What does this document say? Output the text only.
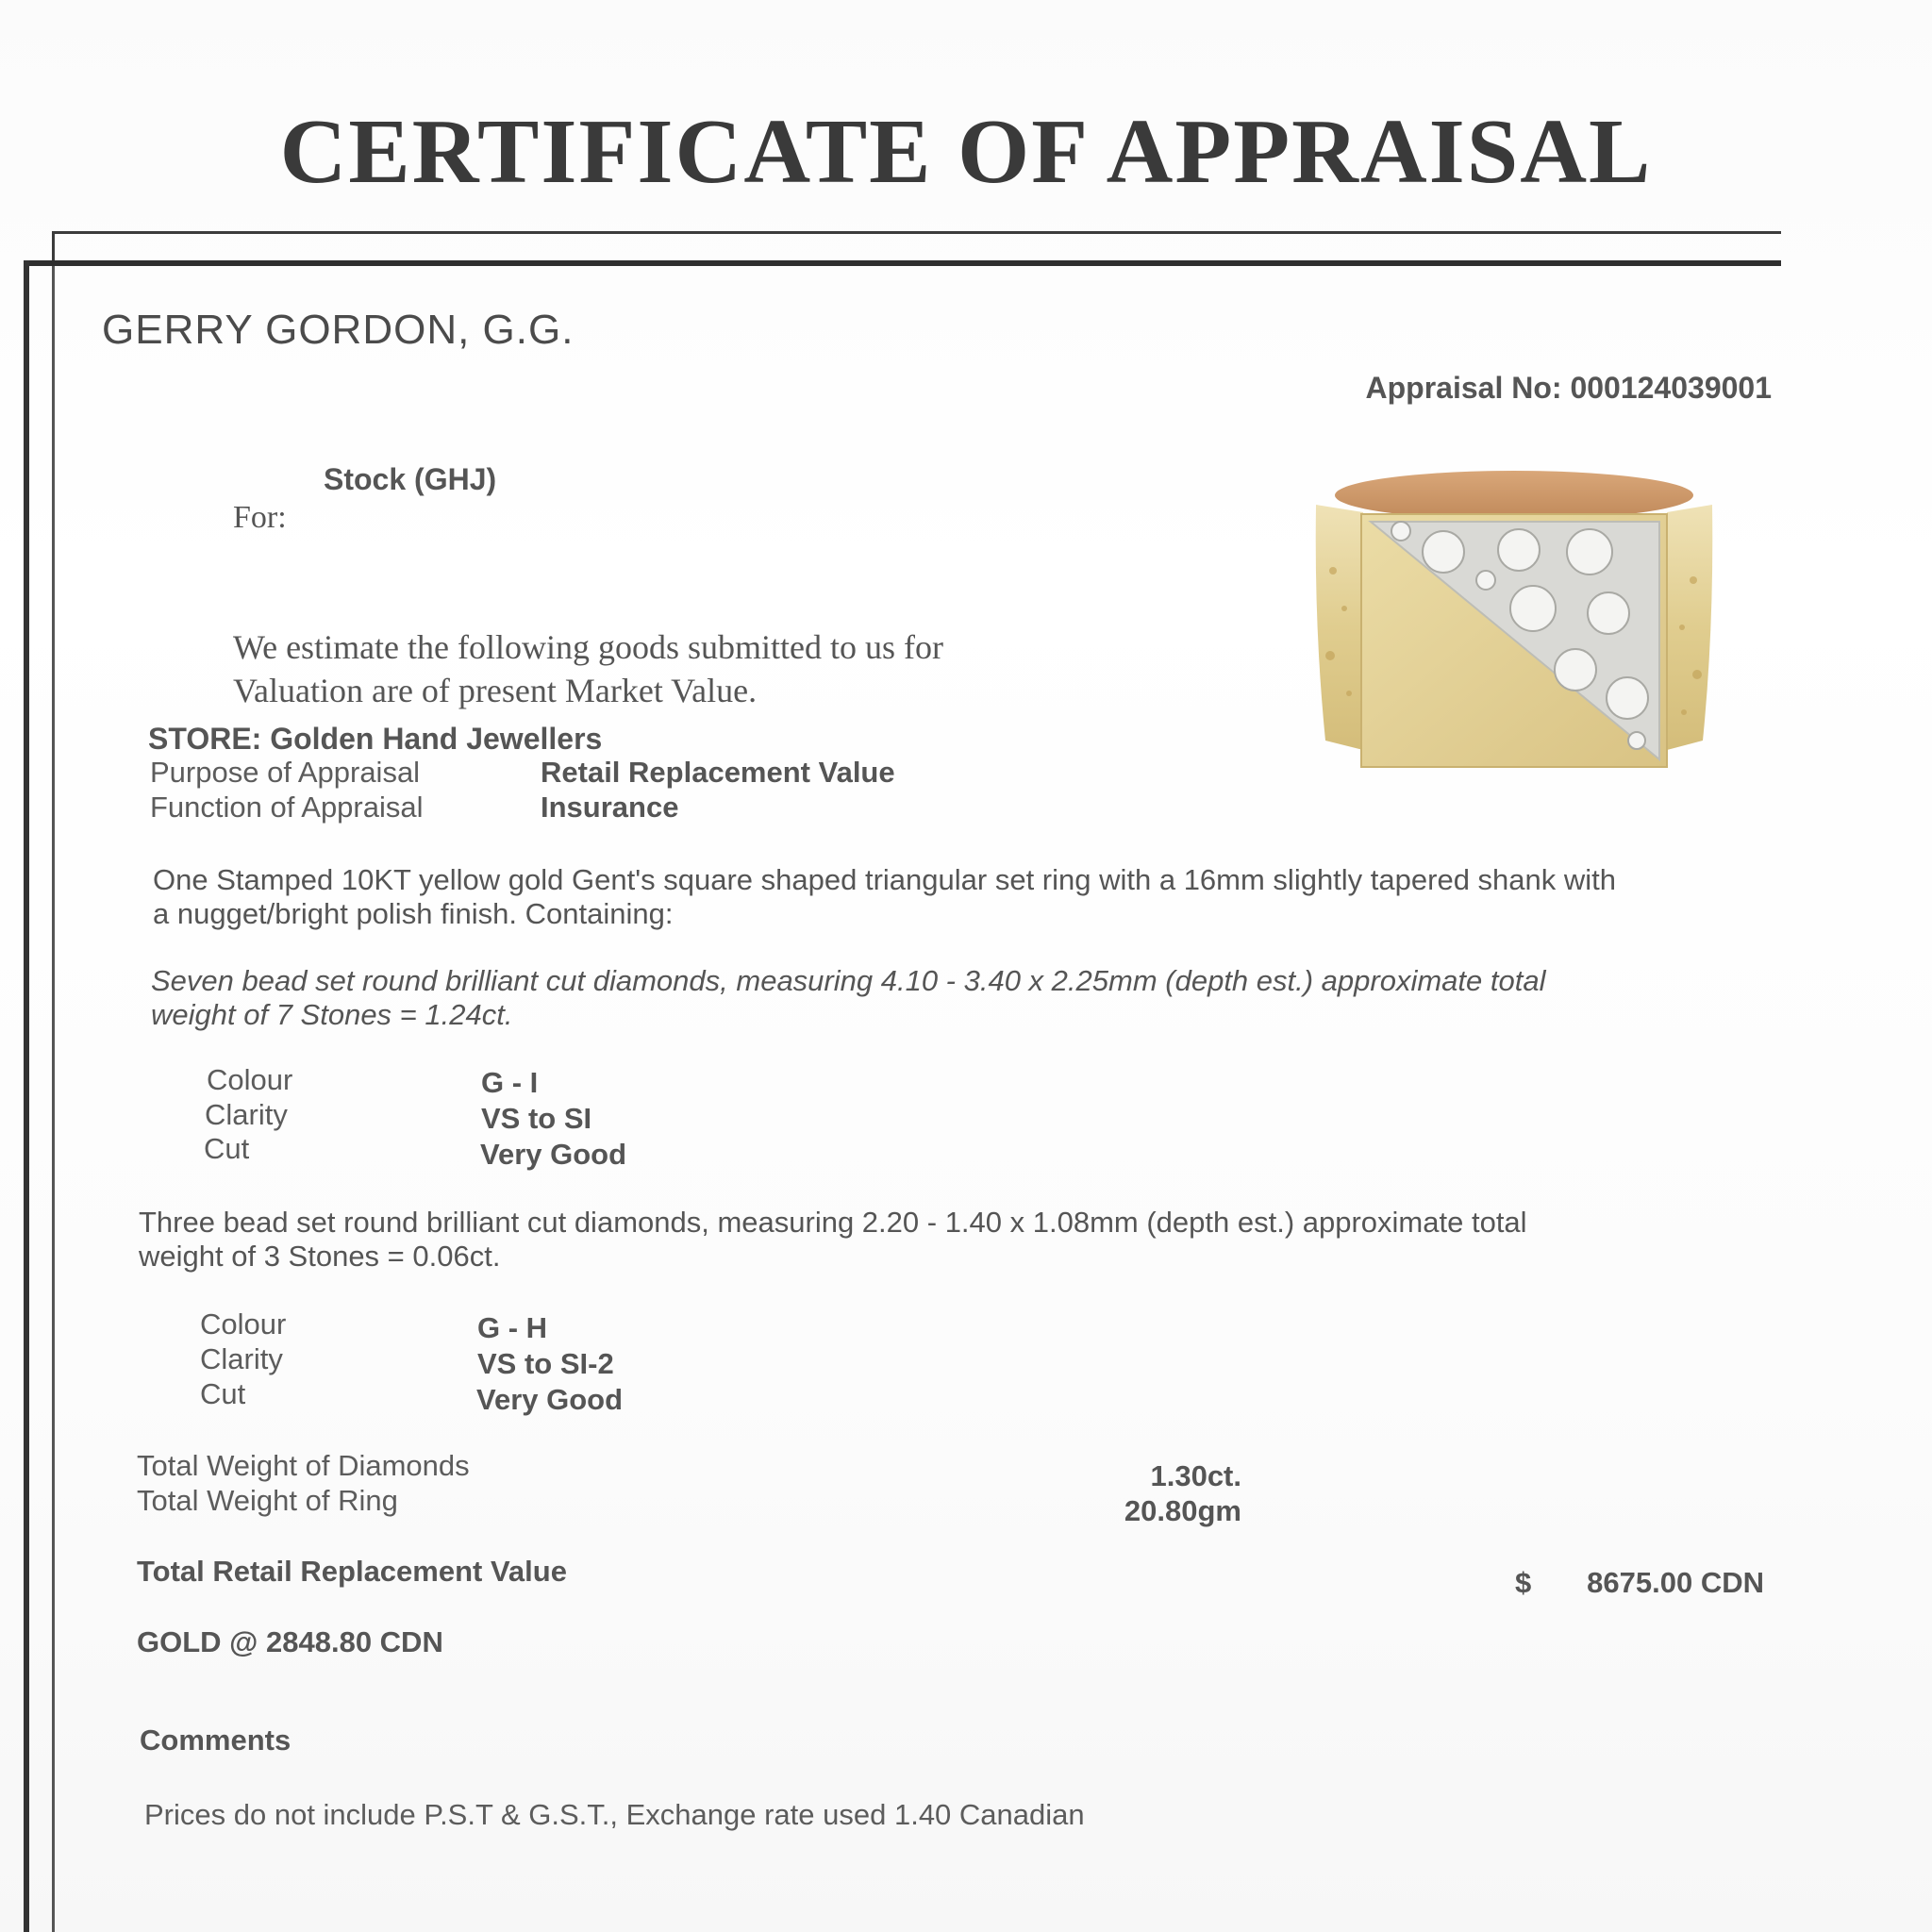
CERTIFICATE OF APPRAISAL

GERRY GORDON, G.G.

Appraisal No: 000124039001

Stock (GHJ)

For:

We estimate the following goods submitted to us for Valuation are of present Market Value.

STORE: Golden Hand Jewellers

Purpose of Appraisal	Retail Replacement Value

Function of Appraisal	Insurance

One Stamped 10KT yellow gold Gent's square shaped triangular set ring with a 16mm slightly tapered shank with a nugget/bright polish finish. Containing:

Seven bead set round brilliant cut diamonds, measuring 4.10 - 3.40 x 2.25mm (depth est.) approximate total weight of 7 Stones = 1.24ct.

Colour	G - I

Clarity	VS to SI

Cut	Very Good

Three bead set round brilliant cut diamonds, measuring 2.20 - 1.40 x 1.08mm (depth est.) approximate total weight of 3 Stones = 0.06ct.

Colour	G - H

Clarity	VS to SI-2

Cut	Very Good

Total Weight of Diamonds	1.30ct.

Total Weight of Ring	20.80gm

Total Retail Replacement Value	$ 8675.00 CDN

GOLD @ 2848.80 CDN

Comments

Prices do not include P.S.T & G.S.T., Exchange rate used 1.40 Canadian
